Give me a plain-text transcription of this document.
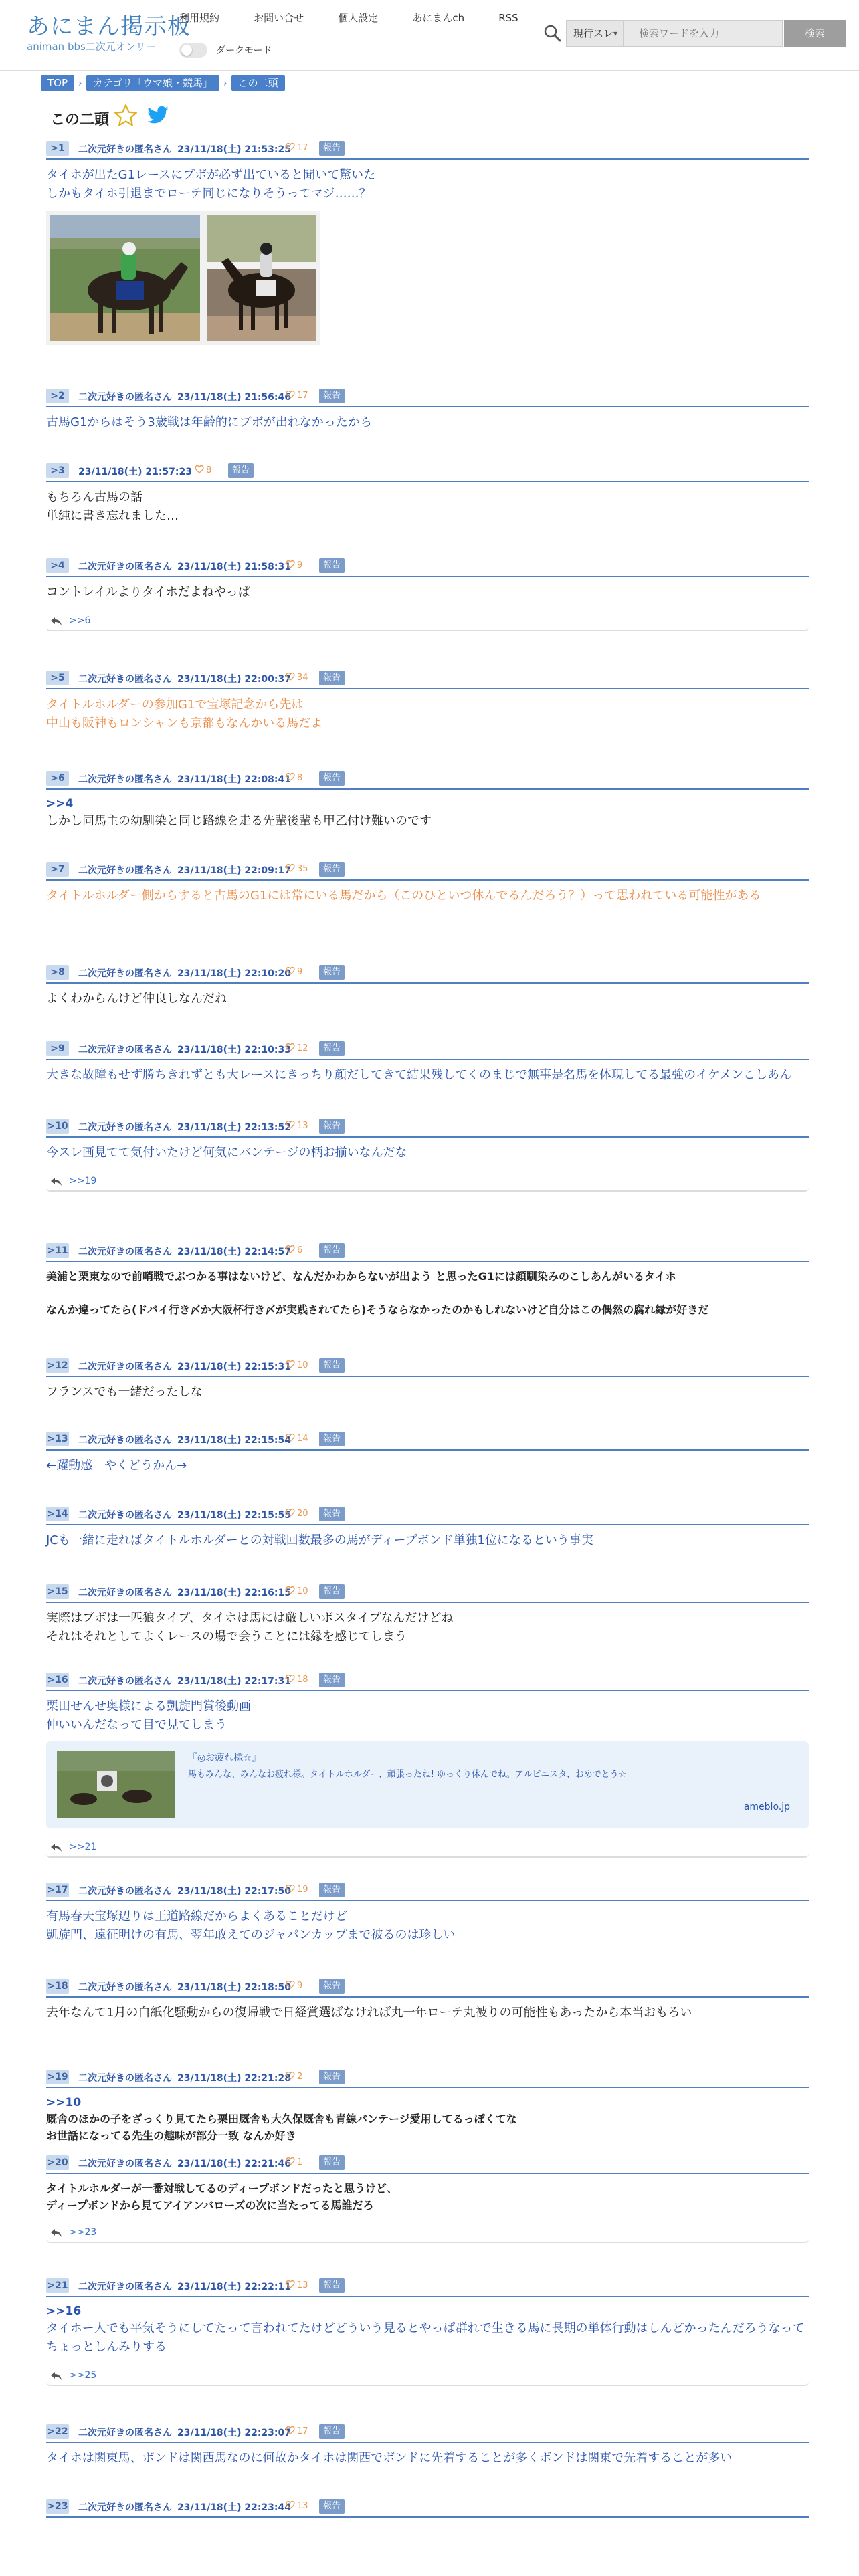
あにまん掲示板
animan bbs二次元オンリー
利用規約	お問い合せ	個人設定	あにまんch	RSS
ダークモード
現行スレ ▾
検索ワードを入力	検索
TOP › カテゴリ「ウマ娘・競馬」 › この二頭
この二頭
>1	二次元好きの匿名さん 23/11/18(土) 21:53:25 17	報告
タイホが出たG1レースにブボが必ず出ていると聞いて驚いた
しかもタイホ引退までローテ同じになりそうってマジ……？
>2	二次元好きの匿名さん 23/11/18(土) 21:56:46 17	報告
古馬G1からはそう3歳戦は年齢的にブボが出れなかったから
>3	23/11/18(土) 21:57:23	8	報告
もちろん古馬の話
単純に書き忘れました…
>4	二次元好きの匿名さん 23/11/18(土) 21:58:31 9	報告
コントレイルよりタイホだよねやっぱ
>>6
>5	二次元好きの匿名さん 23/11/18(土) 22:00:37 34	報告
タイトルホルダーの参加G1で宝塚記念から先は
中山も阪神もロンシャンも京都もなんかいる馬だよ
>6	二次元好きの匿名さん 23/11/18(土) 22:08:41 8	報告
>>4
しかし同馬主の幼馴染と同じ路線を走る先輩後輩も甲乙付け難いのです
>7	二次元好きの匿名さん 23/11/18(土) 22:09:17 35	報告
タイトルホルダー側からすると古馬のG1には常にいる馬だから（このひといつ休んでるんだろう？）って思われている可能性がある
>8	二次元好きの匿名さん 23/11/18(土) 22:10:20 9	報告
よくわからんけど仲良しなんだね
>9	二次元好きの匿名さん 23/11/18(土) 22:10:33 12	報告
大きな故障もせず勝ちきれずとも大レースにきっちり顔だしてきて結果残してくのまじで無事是名馬を体現してる最強のイケメンこしあん
>10 二次元好きの匿名さん 23/11/18(土) 22:13:52 13	報告
今スレ画見てて気付いたけど何気にバンテージの柄お揃いなんだな
>>19
>11 二次元好きの匿名さん 23/11/18(土) 22:14:57 6	報告
美浦と栗東なので前哨戦でぶつかる事はないけど、なんだかわからないが出よう と思ったG1には顔馴染みのこしあんがいるタイホ

なんか違ってたら(ドバイ行き〆か大阪杯行き〆が実践されてたら)そうならなかったのかもしれないけど自分はこの偶然の腐れ縁が好きだ
>12 二次元好きの匿名さん 23/11/18(土) 22:15:31 10	報告
フランスでも一緒だったしな
>13 二次元好きの匿名さん 23/11/18(土) 22:15:54 14	報告
←躍動感　やくどうかん→
>14 二次元好きの匿名さん 23/11/18(土) 22:15:55 20	報告
JCも一緒に走ればタイトルホルダーとの対戦回数最多の馬がディープボンド単独1位になるという事実
>15 二次元好きの匿名さん 23/11/18(土) 22:16:15 10	報告
実際はブボは一匹狼タイプ、タイホは馬には厳しいボスタイプなんだけどね
それはそれとしてよくレースの場で会うことには縁を感じてしまう
>16 二次元好きの匿名さん 23/11/18(土) 22:17:31 18	報告
栗田せんせ奥様による凱旋門賞後動画
仲いいんだなって目で見てしまう
『◎お疲れ様☆』
馬もみんな、みんなお疲れ様。タイトルホルダー、頑張ったね! ゆっくり休んでね。アルビニスタ、おめでとう☆
ameblo.jp
>>21
>17 二次元好きの匿名さん 23/11/18(土) 22:17:50 19	報告
有馬春天宝塚辺りは王道路線だからよくあることだけど
凱旋門、遠征明けの有馬、翌年敢えてのジャパンカップまで被るのは珍しい
>18 二次元好きの匿名さん 23/11/18(土) 22:18:50 9	報告
去年なんて1月の白紙化騒動からの復帰戦で日経賞選ばなければ丸一年ローテ丸被りの可能性もあったから本当おもろい
>19 二次元好きの匿名さん 23/11/18(土) 22:21:28 2	報告
>>10
厩舎のほかの子をざっくり見てたら栗田厩舎も大久保厩舎も青線バンテージ愛用してるっぽくてな
お世話になってる先生の趣味が部分一致 なんか好き
>20 二次元好きの匿名さん 23/11/18(土) 22:21:46 1	報告
タイトルホルダーが一番対戦してるのディープボンドだったと思うけど、
ディープボンドから見てアイアンバローズの次に当たってる馬誰だろ
>>23
>21 二次元好きの匿名さん 23/11/18(土) 22:22:11 13	報告
>>16
タイホー人でも平気そうにしてたって言われてたけどどういう見るとやっぱ群れで生きる馬に長期の単体行動はしんどかったんだろうなって
ちょっとしんみりする
>>25
>22 二次元好きの匿名さん 23/11/18(土) 22:23:07 17	報告
タイホは関東馬、ボンドは関西馬なのに何故かタイホは関西でボンドに先着することが多くボンドは関東で先着することが多い
>23 二次元好きの匿名さん 23/11/18(土) 22:23:44 13	報告
